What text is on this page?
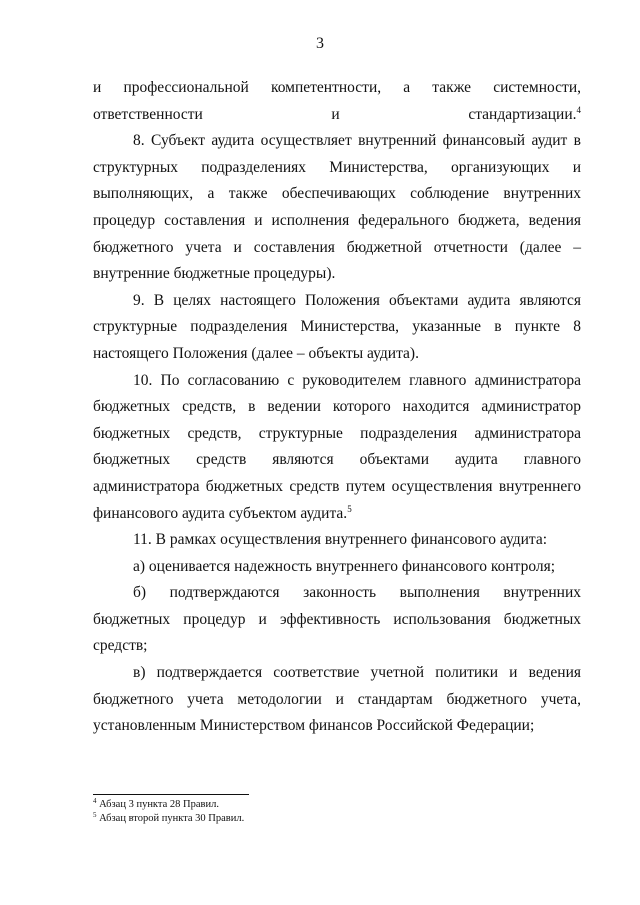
3

и профессиональной компетентности, а также системности, ответственности и стандартизации.$^4$

8. Субъект аудита осуществляет внутренний финансовый аудит в структурных подразделениях Министерства, организующих и выполняющих, а также обеспечивающих соблюдение внутренних процедур составления и исполнения федерального бюджета, ведения бюджетного учета и составления бюджетной отчетности (далее – внутренние бюджетные процедуры).

9. В целях настоящего Положения объектами аудита являются структурные подразделения Министерства, указанные в пункте 8 настоящего Положения (далее – объекты аудита).

10. По согласованию с руководителем главного администратора бюджетных средств, в ведении которого находится администратор бюджетных средств, структурные подразделения администратора бюджетных средств являются объектами аудита главного администратора бюджетных средств путем осуществления внутреннего финансового аудита субъектом аудита.$^5$

11. В рамках осуществления внутреннего финансового аудита:

а) оценивается надежность внутреннего финансового контроля;

б) подтверждаются законность выполнения внутренних бюджетных процедур и эффективность использования бюджетных средств;

в) подтверждается соответствие учетной политики и ведения бюджетного учета методологии и стандартам бюджетного учета, установленным Министерством финансов Российской Федерации;

$^4$ Абзац 3 пункта 28 Правил.
$^5$ Абзац второй пункта 30 Правил.
